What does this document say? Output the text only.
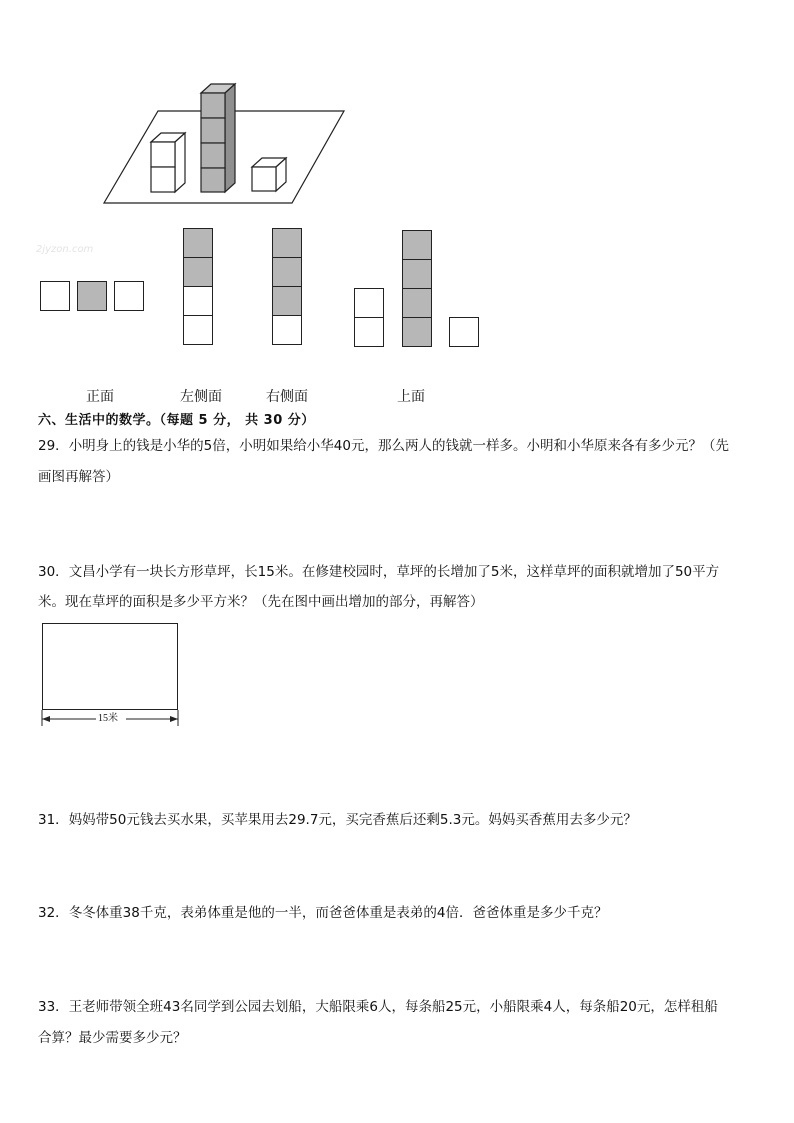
2jyzon.com
正面	左侧面	右侧面	上面
六、生活中的数学。（每题 5 分， 共 30 分）
29．小明身上的钱是小华的5倍，小明如果给小华40元，那么两人的钱就一样多。小明和小华原来各有多少元？（先
画图再解答）
30．文昌小学有一块长方形草坪，长15米。在修建校园时，草坪的长增加了5米，这样草坪的面积就增加了50平方
米。现在草坪的面积是多少平方米？（先在图中画出增加的部分，再解答）
15米
31．妈妈带50元钱去买水果，买苹果用去29.7元，买完香蕉后还剩5.3元。妈妈买香蕉用去多少元？
32．冬冬体重38千克，表弟体重是他的一半，而爸爸体重是表弟的4倍．爸爸体重是多少千克？
33．王老师带领全班43名同学到公园去划船，大船限乘6人，每条船25元，小船限乘4人，每条船20元，怎样租船
合算？最少需要多少元？
